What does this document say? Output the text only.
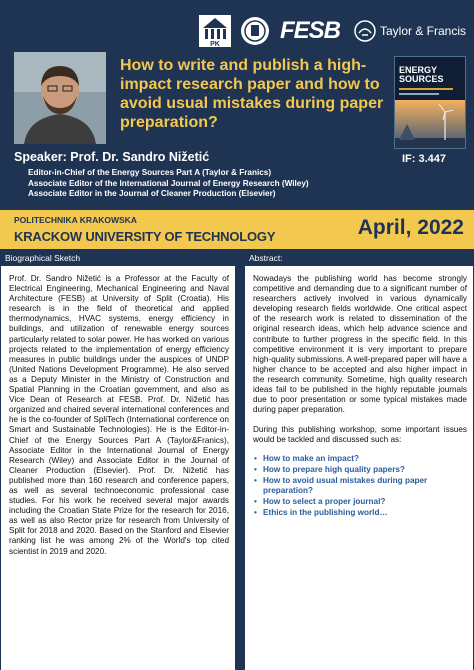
PK
FESB	Taylor & Francis
How to write and publish a high-impact research paper and how to avoid usual mistakes during paper preparation?
ENERGY
SOURCES
IF: 3.447
Speaker: Prof. Dr. Sandro Nižetić
Editor-in-Chief of the Energy Sources Part A (Taylor & Franics)
Associate Editor of the International Journal of Energy Research (Wiley)
Associate Editor in the Journal of Cleaner Production (Elsevier)
POLITECHNIKA KRAKOWSKA
KRACKOW UNIVERSITY OF TECHNOLOGY	April, 2022
Biographical Sketch	Abstract:

Prof. Dr. Sandro Nižetić is a Professor at the Faculty of Electrical Engineering, Mechanical Engineering and Naval Architecture (FESB) at University of Split (Croatia). His research is in the field of theoretical and applied thermodynamics, HVAC systems, energy efficiency in buildings, and utilization of renewable energy sources particularly related to solar power. He has worked on various projects related to the implementation of energy efficiency measures in public buildings under the auspices of UNDP (United Nations Development Programme). He also served as a Deputy Minister in the Ministry of Construction and Spatial Planning in the Croatian government, and also as Vice Dean of Research at FESB. Prof. Dr. Nižetić has organized and chaired several international conferences and he is the co-founder of SpliTech (International conference on Smart and Sustainable Technologies). He is the Editor-in-Chief of the Energy Sources Part A (Taylor&Franics), Associate Editor in the International Journal of Energy Research (Wiley) and Associate Editor in the Journal of Cleaner Production (Elsevier). Prof. Dr. Nižetić has published more than 160 research and conference papers, as well as several technoeconomic professional case studies. For his work he received several major awards including the Croatian State Prize for the research for 2016, as well as also Rector prize for research from University of Split for 2018 and 2020. Based on the Stanford and Elsevier ranking list he was among 2% of the World's top cited scientist in 2019 and 2020.

Nowadays the publishing world has become strongly competitive and demanding due to a significant number of researchers actively involved in various dynamically developing research fields worldwide. One critical aspect of the research work is related to dissemination of the original research ideas, which help advance science and contribute to further progress in the specific field. In this competitive environment it is very important to prepare high-quality submissions. A well-prepared paper will have a higher chance to be accepted and also higher impact in the research community. Sometime, high quality research ideas fail to be published in the highly reputable journals due to poor presentation or some typical mistakes made during paper preparation.

During this publishing workshop, some important issues would be tackled and discussed such as:

• How to make an impact?
• How to prepare high quality papers?
• How to avoid usual mistakes during paper preparation?
• How to select a proper journal?
• Ethics in the publishing world…
